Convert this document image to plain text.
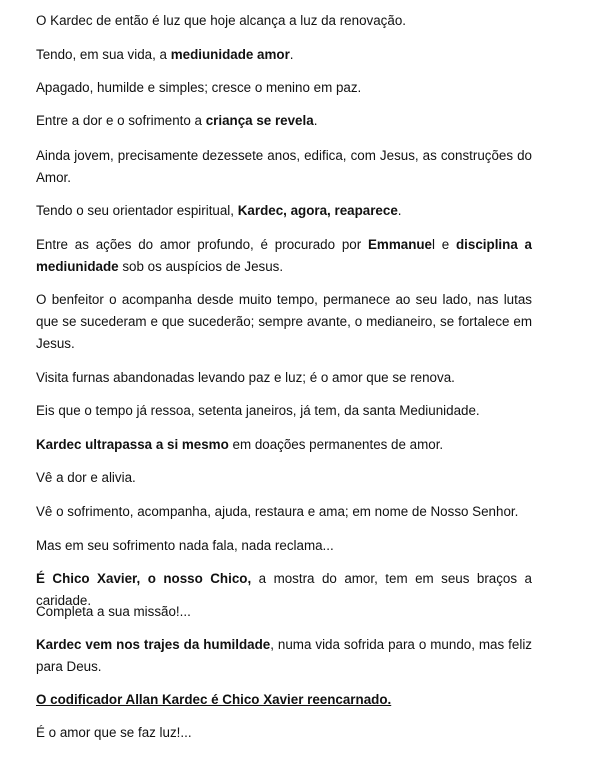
O Kardec de então é luz que hoje alcança a luz da renovação.

Tendo, em sua vida, a mediunidade amor.

Apagado, humilde e simples; cresce o menino em paz.

Entre a dor e o sofrimento a criança se revela.

Ainda jovem, precisamente dezessete anos, edifica, com Jesus, as construções do Amor.

Tendo o seu orientador espiritual, Kardec, agora, reaparece.

Entre as ações do amor profundo, é procurado por Emmanuel e disciplina a mediunidade sob os auspícios de Jesus.

O benfeitor o acompanha desde muito tempo, permanece ao seu lado, nas lutas que se sucederam e que sucederão; sempre avante, o medianeiro, se fortalece em Jesus.

Visita furnas abandonadas levando paz e luz; é o amor que se renova.

Eis que o tempo já ressoa, setenta janeiros, já tem, da santa Mediunidade.

Kardec ultrapassa a si mesmo em doações permanentes de amor.

Vê a dor e alivia.

Vê o sofrimento, acompanha, ajuda, restaura e ama; em nome de Nosso Senhor.

Mas em seu sofrimento nada fala, nada reclama...

É Chico Xavier, o nosso Chico, a mostra do amor, tem em seus braços a caridade.

Completa a sua missão!...

Kardec vem nos trajes da humildade, numa vida sofrida para o mundo, mas feliz para Deus.

O codificador Allan Kardec é Chico Xavier reencarnado.

É o amor que se faz luz!...
